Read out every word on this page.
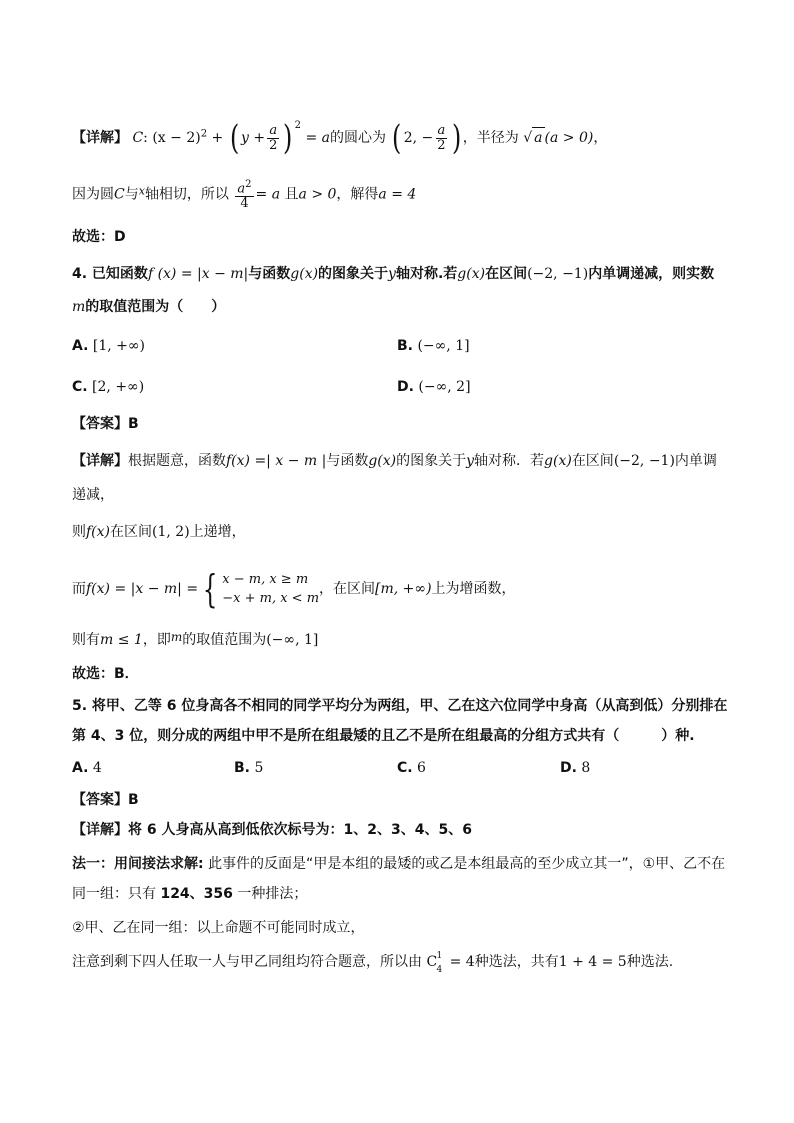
【详解】 C: $(x - 2)^2$ + ( $y + \frac{a}{2}$ ) $^2$ = a的圆心为 ( 2, − $\frac{a}{2}$ ) ，半径为 √ a (a > 0)，
因为圆C与$^x$轴相切，所以 $\frac{a^2}{4} = a$ 且a > 0，解得a = 4
故选：D
4. 已知函数f (x) = |x − m|与函数g(x)的图象关于y轴对称.若g(x)在区间(−2, −1)内单调递减，则实数
m的取值范围为（　　）
A. [1, +∞)	B. (−∞, 1]
C. [2, +∞)	D. (−∞, 2]
【答案】B
【详解】根据题意，函数f(x) =| x − m |与函数g(x)的图象关于y轴对称．若g(x)在区间(−2, −1)内单调
递减，
则f(x)在区间(1, 2)上递增，
而f(x) = |x − m| = { x − m, x ≥ m
−x + m, x < m
，在区间[m, +∞)上为增函数，
则有m ≤ 1，即m的取值范围为(−∞, 1]
故选：B．
5. 将甲、乙等 6 位身高各不相同的同学平均分为两组，甲、乙在这六位同学中身高（从高到低）分别排在
第 4、3 位，则分成的两组中甲不是所在组最矮的且乙不是所在组最高的分组方式共有（　　　）种.
A. 4	B. 5	C. 6	D. 8
【答案】B
【详解】将 6 人身高从高到低依次标号为：1、2、3、4、5、6
法一：用间接法求解: 此事件的反面是“甲是本组的最矮的或乙是本组最高的至少成立其一”，①甲、乙不在
同一组：只有 124、356 一种排法；
②甲、乙在同一组：以上命题不可能同时成立，
注意到剩下四人任取一人与甲乙同组均符合题意，所以由 C 1
4 = 4种选法，共有1 + 4 = 5种选法.
